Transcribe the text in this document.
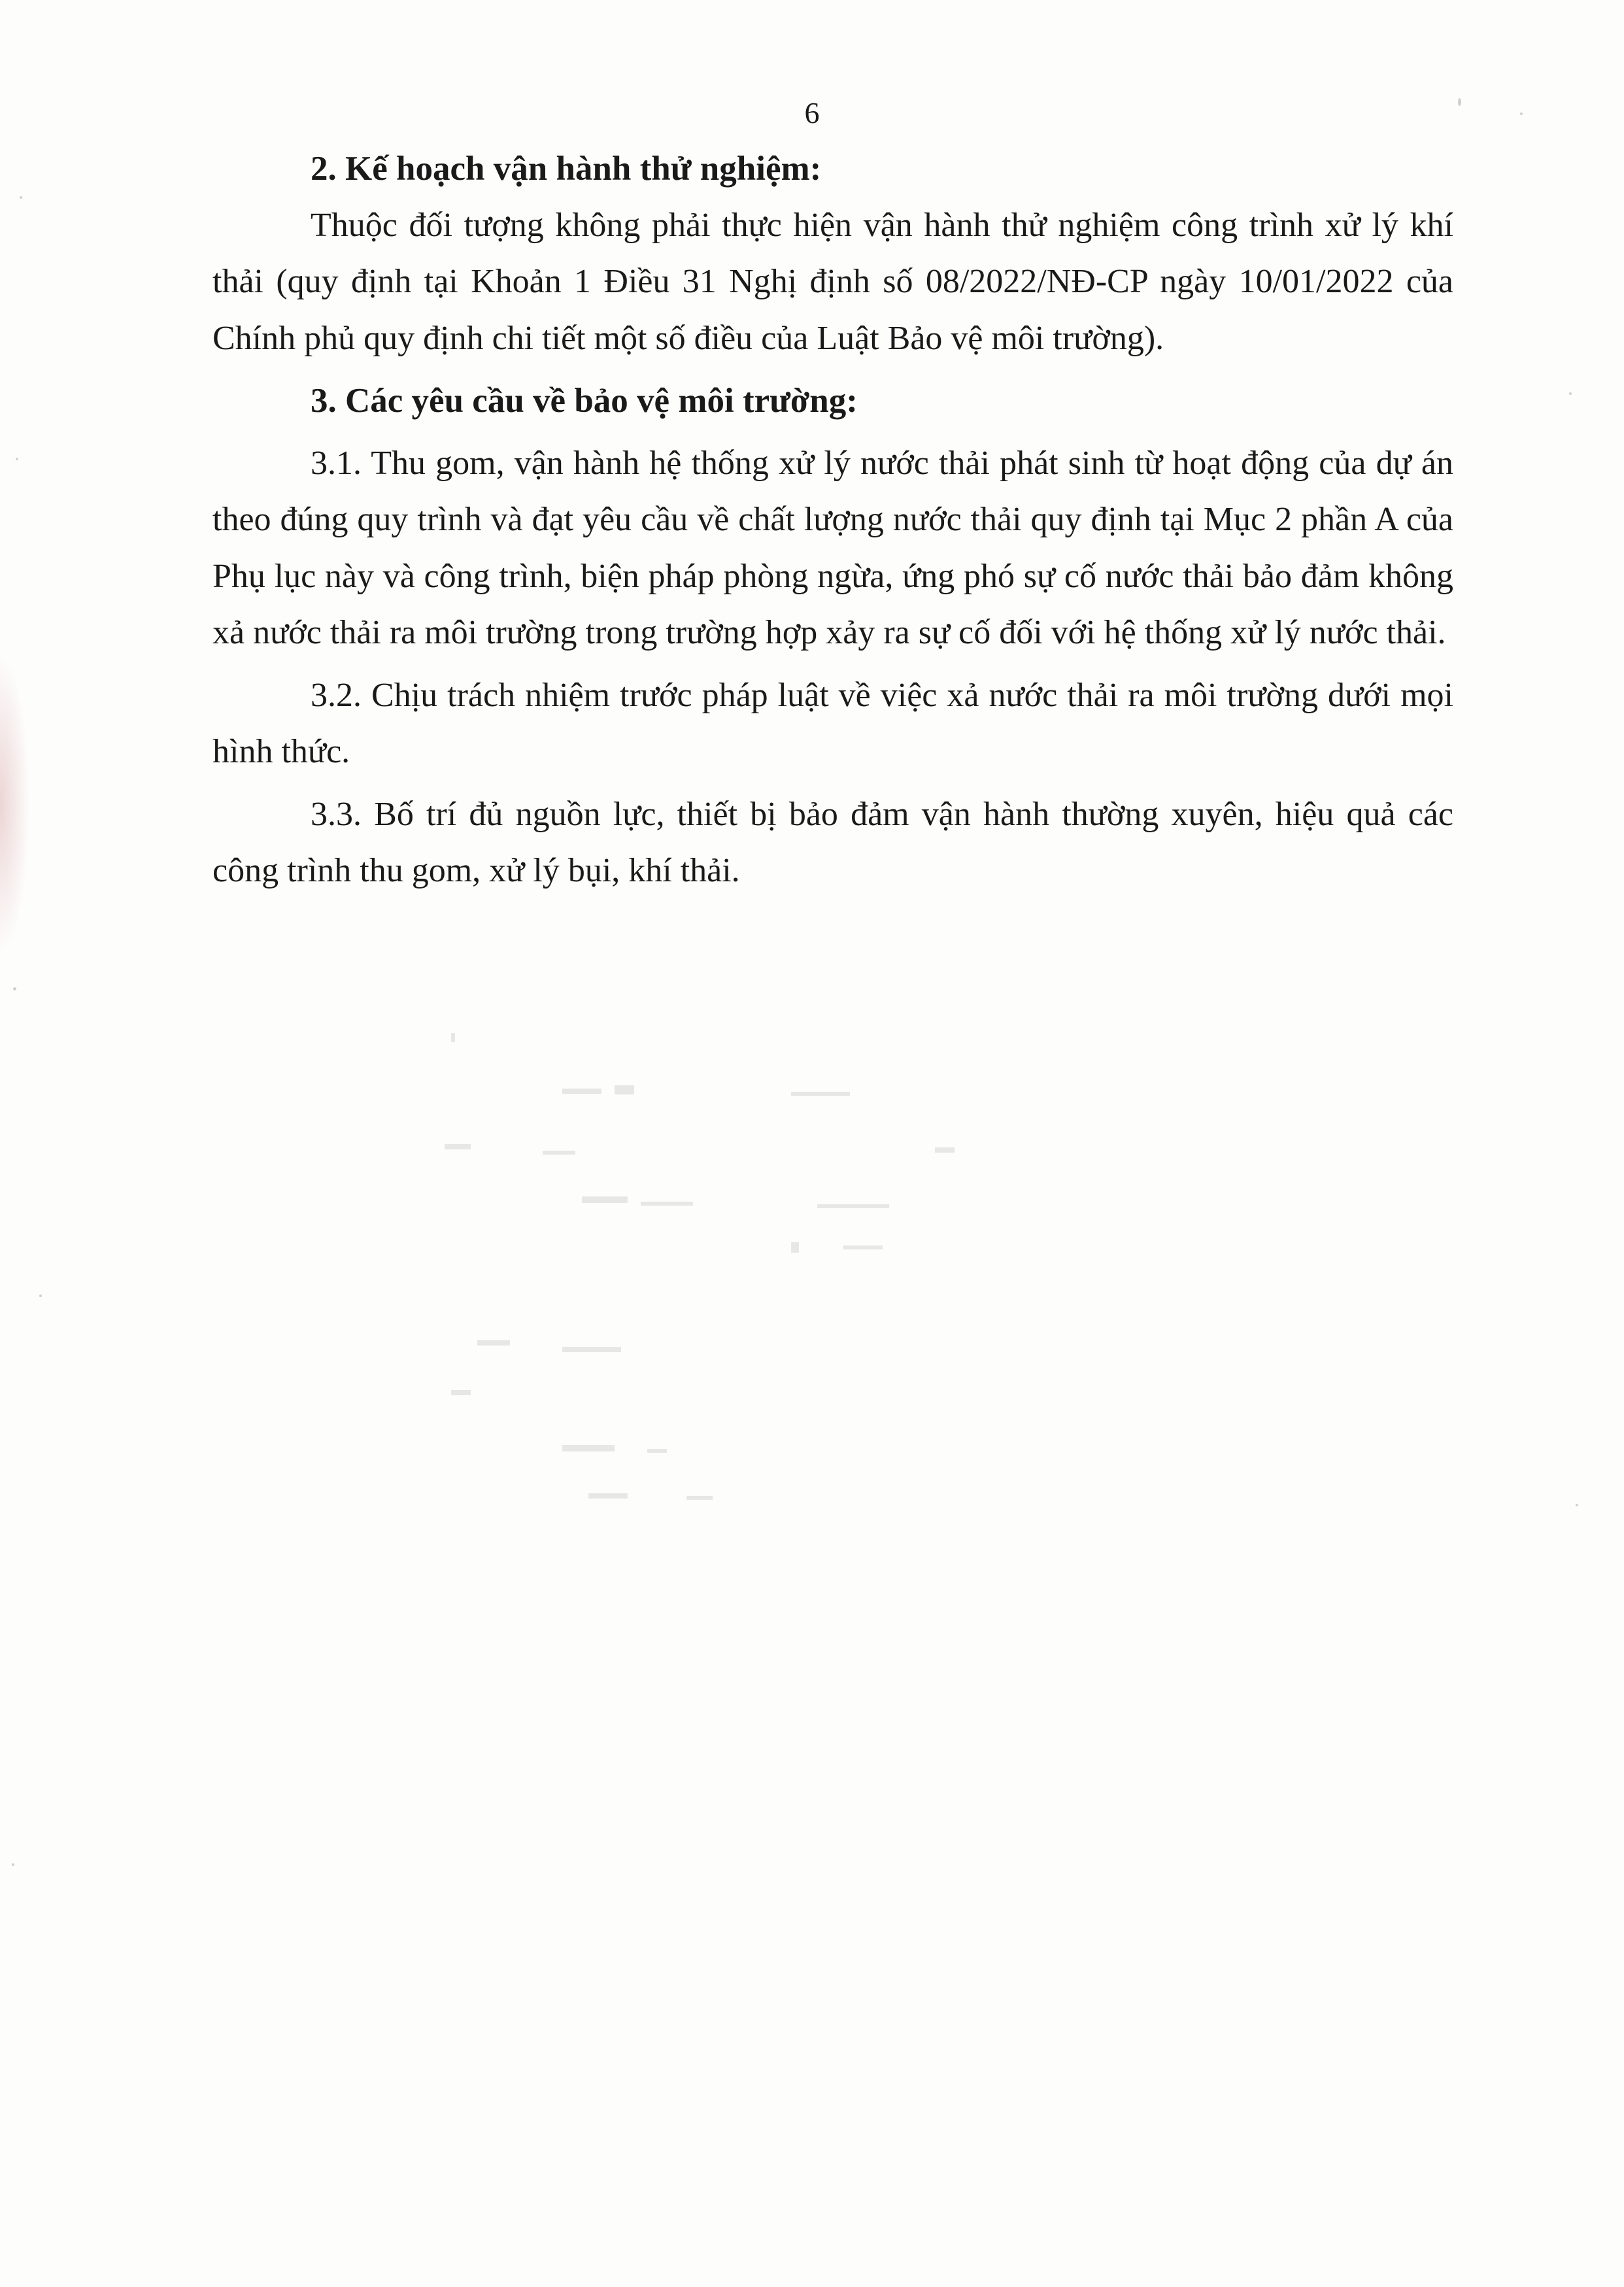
6

2. Kế hoạch vận hành thử nghiệm:

Thuộc đối tượng không phải thực hiện vận hành thử nghiệm công trình xử lý khí thải (quy định tại Khoản 1 Điều 31 Nghị định số 08/2022/NĐ-CP ngày 10/01/2022 của Chính phủ quy định chi tiết một số điều của Luật Bảo vệ môi trường).

3. Các yêu cầu về bảo vệ môi trường:

3.1. Thu gom, vận hành hệ thống xử lý nước thải phát sinh từ hoạt động của dự án theo đúng quy trình và đạt yêu cầu về chất lượng nước thải quy định tại Mục 2 phần A của Phụ lục này và công trình, biện pháp phòng ngừa, ứng phó sự cố nước thải bảo đảm không xả nước thải ra môi trường trong trường hợp xảy ra sự cố đối với hệ thống xử lý nước thải.

3.2. Chịu trách nhiệm trước pháp luật về việc xả nước thải ra môi trường dưới mọi hình thức.

3.3. Bố trí đủ nguồn lực, thiết bị bảo đảm vận hành thường xuyên, hiệu quả các công trình thu gom, xử lý bụi, khí thải.
